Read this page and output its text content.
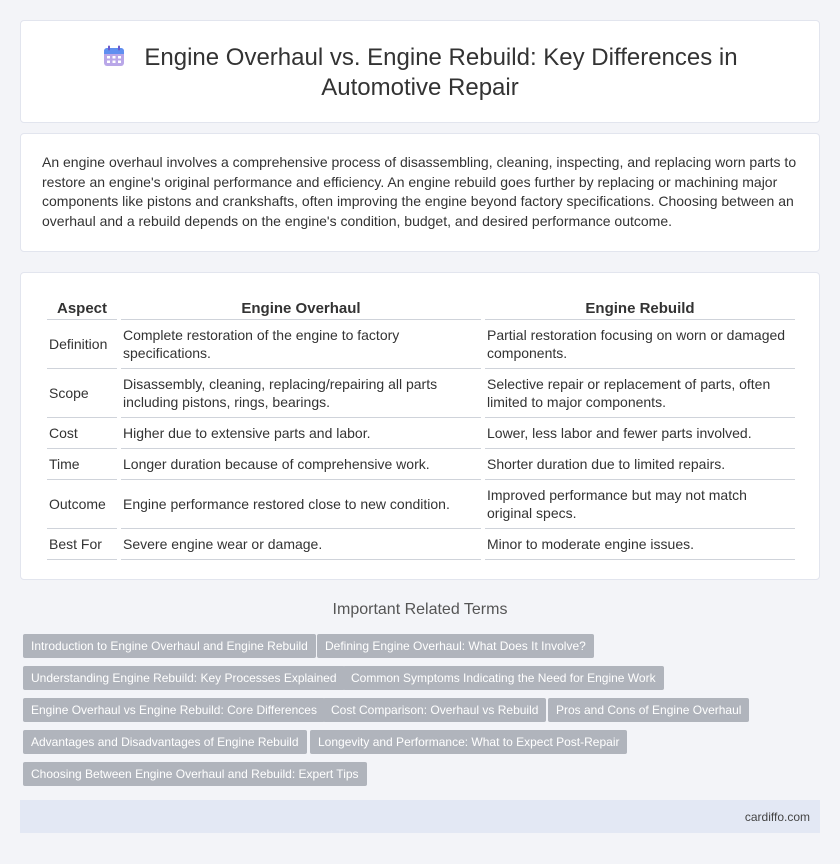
Engine Overhaul vs. Engine Rebuild: Key Differences in Automotive Repair

An engine overhaul involves a comprehensive process of disassembling, cleaning, inspecting, and replacing worn parts to restore an engine's original performance and efficiency. An engine rebuild goes further by replacing or machining major components like pistons and crankshafts, often improving the engine beyond factory specifications. Choosing between an overhaul and a rebuild depends on the engine's condition, budget, and desired performance outcome.

Aspect	Engine Overhaul	Engine Rebuild
Definition	Complete restoration of the engine to factory specifications.	Partial restoration focusing on worn or damaged components.
Scope	Disassembly, cleaning, replacing/repairing all parts including pistons, rings, bearings.	Selective repair or replacement of parts, often limited to major components.
Cost	Higher due to extensive parts and labor.	Lower, less labor and fewer parts involved.
Time	Longer duration because of comprehensive work.	Shorter duration due to limited repairs.
Outcome	Engine performance restored close to new condition.	Improved performance but may not match original specs.
Best For	Severe engine wear or damage.	Minor to moderate engine issues.
Important Related Terms
Introduction to Engine Overhaul and Engine Rebuild	Defining Engine Overhaul: What Does It Involve?
Understanding Engine Rebuild: Key Processes Explained	Common Symptoms Indicating the Need for Engine Work
Engine Overhaul vs Engine Rebuild: Core Differences	Cost Comparison: Overhaul vs Rebuild	Pros and Cons of Engine Overhaul
Advantages and Disadvantages of Engine Rebuild	Longevity and Performance: What to Expect Post-Repair
Choosing Between Engine Overhaul and Rebuild: Expert Tips
cardiffo.com
